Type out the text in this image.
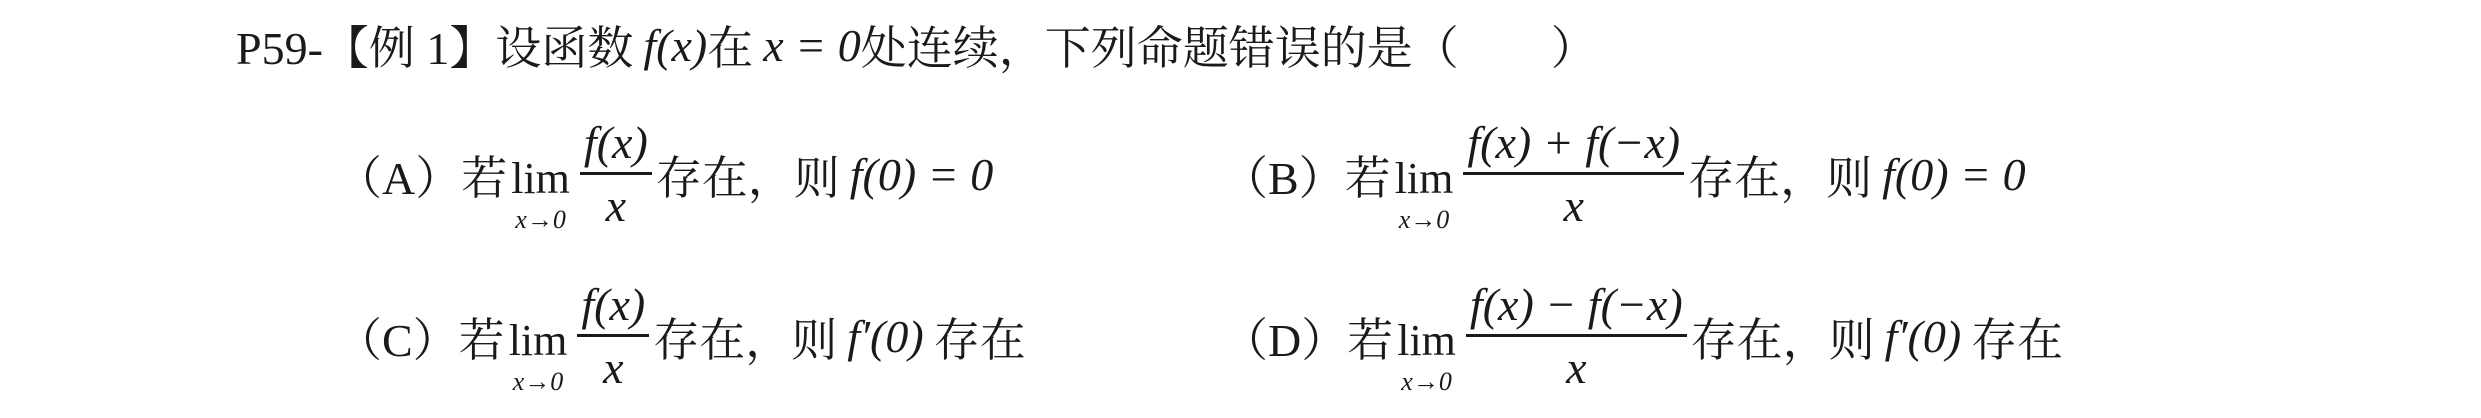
P59-【例 1】设函数 f(x) 在 x = 0 处连续，下列命题错误的是（　　）
（A）若 lim
$x\to 0 \frac{f(x)}{x}$ 存在，则 f(0) = 0	（B）若 lim
$x\to 0 \frac{f(x) + f(-x)}{x}$ 存在，则 f(0) = 0
（C）若 lim
$x\to 0 \frac{f(x)}{x}$ 存在，则 f′(0) 存在	（D）若 lim
$x\to 0 \frac{f(x) - f(-x)}{x}$ 存在，则 f′(0) 存在
